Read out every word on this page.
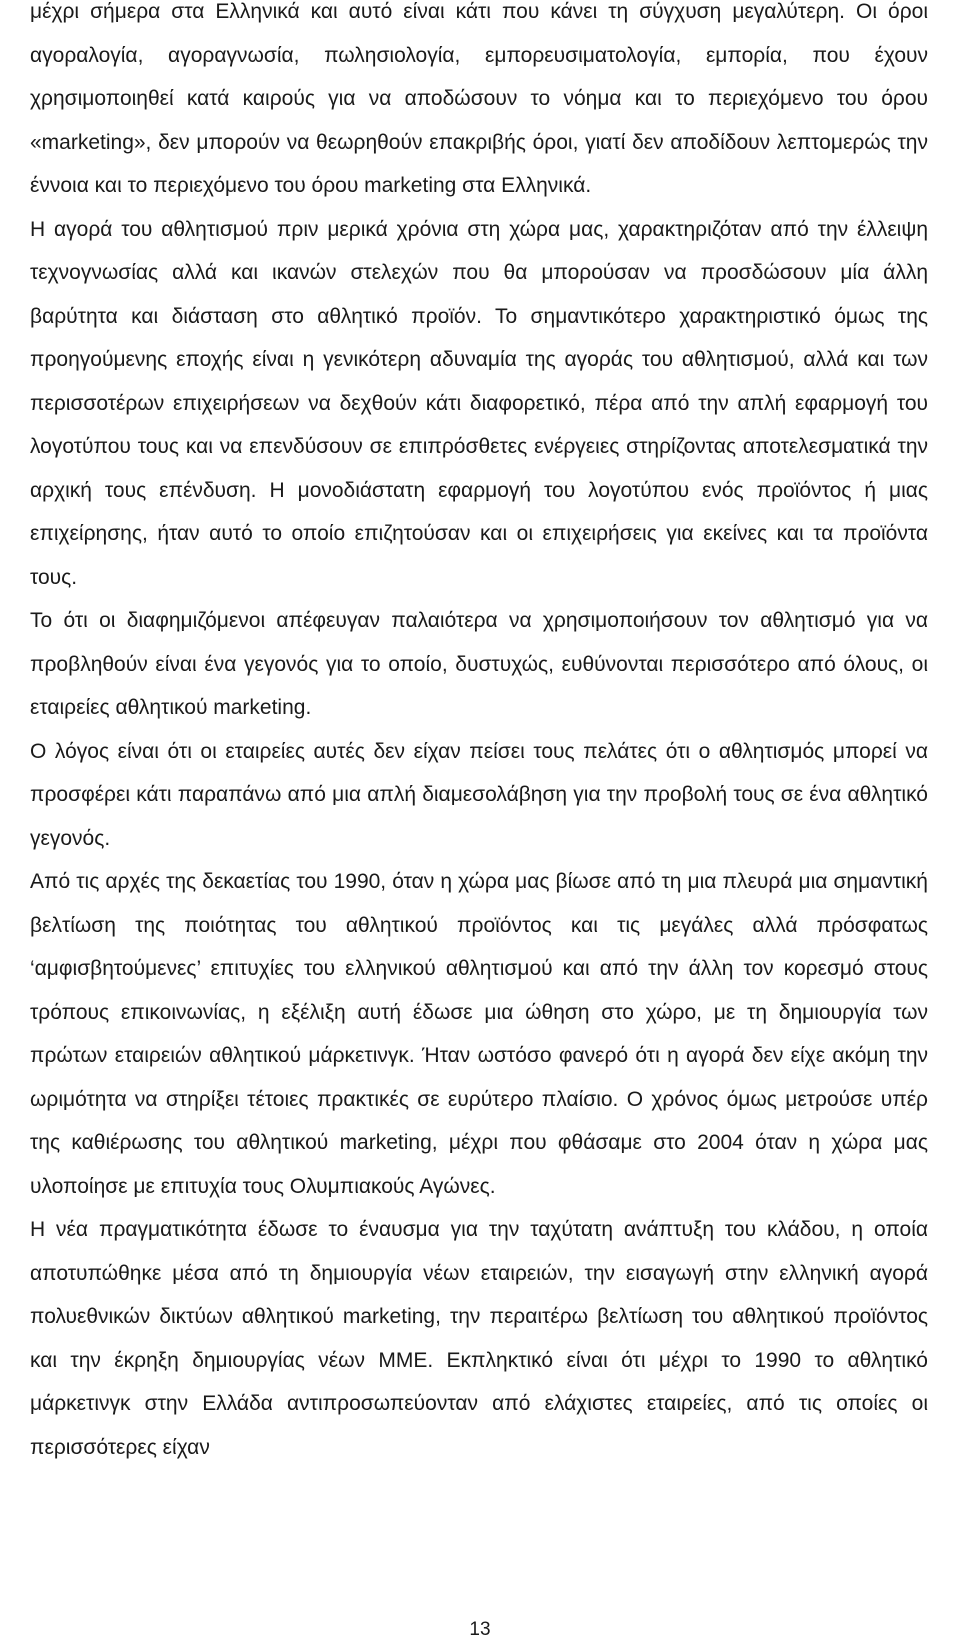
μέχρι σήμερα στα Ελληνικά και αυτό είναι κάτι που κάνει τη σύγχυση μεγαλύτερη. Οι όροι αγοραλογία, αγοραγνωσία, πωλησιολογία, εμπορευσιματολογία, εμπορία, που έχουν χρησιμοποιηθεί κατά καιρούς για να αποδώσουν το νόημα και το περιεχόμενο του όρου «marketing», δεν μπορούν να θεωρηθούν επακριβής όροι, γιατί δεν αποδίδουν λεπτομερώς την έννοια και το περιεχόμενο του όρου marketing στα Ελληνικά.

Η αγορά του αθλητισμού πριν μερικά χρόνια στη χώρα μας, χαρακτηριζόταν από την έλλειψη τεχνογνωσίας αλλά και ικανών στελεχών που θα μπορούσαν να προσδώσουν μία άλλη βαρύτητα και διάσταση στο αθλητικό προϊόν. Το σημαντικότερο χαρακτηριστικό όμως της προηγούμενης εποχής είναι η γενικότερη αδυναμία της αγοράς του αθλητισμού, αλλά και των περισσοτέρων επιχειρήσεων να δεχθούν κάτι διαφορετικό, πέρα από την απλή εφαρμογή του λογοτύπου τους και να επενδύσουν σε επιπρόσθετες ενέργειες στηρίζοντας αποτελεσματικά την αρχική τους επένδυση. Η μονοδιάστατη εφαρμογή του λογοτύπου ενός προϊόντος ή μιας επιχείρησης, ήταν αυτό το οποίο επιζητούσαν και οι επιχειρήσεις για εκείνες και τα προϊόντα τους.

Το ότι οι διαφημιζόμενοι απέφευγαν παλαιότερα να χρησιμοποιήσουν τον αθλητισμό για να προβληθούν είναι ένα γεγονός για το οποίο, δυστυχώς, ευθύνονται περισσότερο από όλους, οι εταιρείες αθλητικού marketing.

Ο λόγος είναι ότι οι εταιρείες αυτές δεν είχαν πείσει τους πελάτες ότι ο αθλητισμός μπορεί να προσφέρει κάτι παραπάνω από μια απλή διαμεσολάβηση για την προβολή τους σε ένα αθλητικό γεγονός.

Από τις αρχές της δεκαετίας του 1990, όταν η χώρα μας βίωσε από τη μια πλευρά μια σημαντική βελτίωση της ποιότητας του αθλητικού προϊόντος και τις μεγάλες αλλά πρόσφατως ‘αμφισβητούμενες’ επιτυχίες του ελληνικού αθλητισμού και από την άλλη τον κορεσμό στους τρόπους επικοινωνίας, η εξέλιξη αυτή έδωσε μια ώθηση στο χώρο, με τη δημιουργία των πρώτων εταιρειών αθλητικού μάρκετινγκ. Ήταν ωστόσο φανερό ότι η αγορά δεν είχε ακόμη την ωριμότητα να στηρίξει τέτοιες πρακτικές σε ευρύτερο πλαίσιο. Ο χρόνος όμως μετρούσε υπέρ της καθιέρωσης του αθλητικού marketing, μέχρι που φθάσαμε στο 2004 όταν η χώρα μας υλοποίησε με επιτυχία τους Ολυμπιακούς Αγώνες.

Η νέα πραγματικότητα έδωσε το έναυσμα για την ταχύτατη ανάπτυξη του κλάδου, η οποία αποτυπώθηκε μέσα από τη δημιουργία νέων εταιρειών, την εισαγωγή στην ελληνική αγορά πολυεθνικών δικτύων αθλητικού marketing, την περαιτέρω βελτίωση του αθλητικού προϊόντος και την έκρηξη δημιουργίας νέων ΜΜΕ. Εκπληκτικό είναι ότι μέχρι το 1990 το αθλητικό μάρκετινγκ στην Ελλάδα αντιπροσωπεύονταν από ελάχιστες εταιρείες, από τις οποίες οι περισσότερες είχαν

13
